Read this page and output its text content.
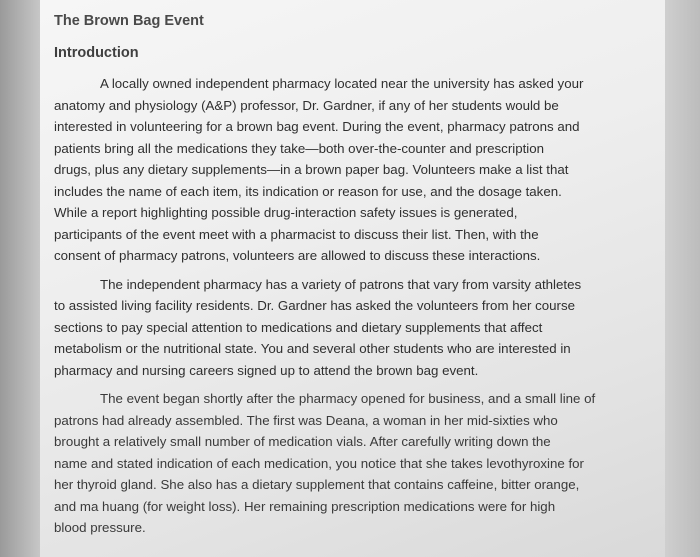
The Brown Bag Event
Introduction

A locally owned independent pharmacy located near the university has asked your
anatomy and physiology (A&P) professor, Dr. Gardner, if any of her students would be
interested in volunteering for a brown bag event. During the event, pharmacy patrons and
patients bring all the medications they take—both over-the-counter and prescription
drugs, plus any dietary supplements—in a brown paper bag. Volunteers make a list that
includes the name of each item, its indication or reason for use, and the dosage taken.
While a report highlighting possible drug-interaction safety issues is generated,
participants of the event meet with a pharmacist to discuss their list. Then, with the
consent of pharmacy patrons, volunteers are allowed to discuss these interactions.

The independent pharmacy has a variety of patrons that vary from varsity athletes
to assisted living facility residents. Dr. Gardner has asked the volunteers from her course
sections to pay special attention to medications and dietary supplements that affect
metabolism or the nutritional state. You and several other students who are interested in
pharmacy and nursing careers signed up to attend the brown bag event.

The event began shortly after the pharmacy opened for business, and a small line of
patrons had already assembled. The first was Deana, a woman in her mid-sixties who
brought a relatively small number of medication vials. After carefully writing down the
name and stated indication of each medication, you notice that she takes levothyroxine for
her thyroid gland. She also has a dietary supplement that contains caffeine, bitter orange,
and ma huang (for weight loss). Her remaining prescription medications were for high
blood pressure.
